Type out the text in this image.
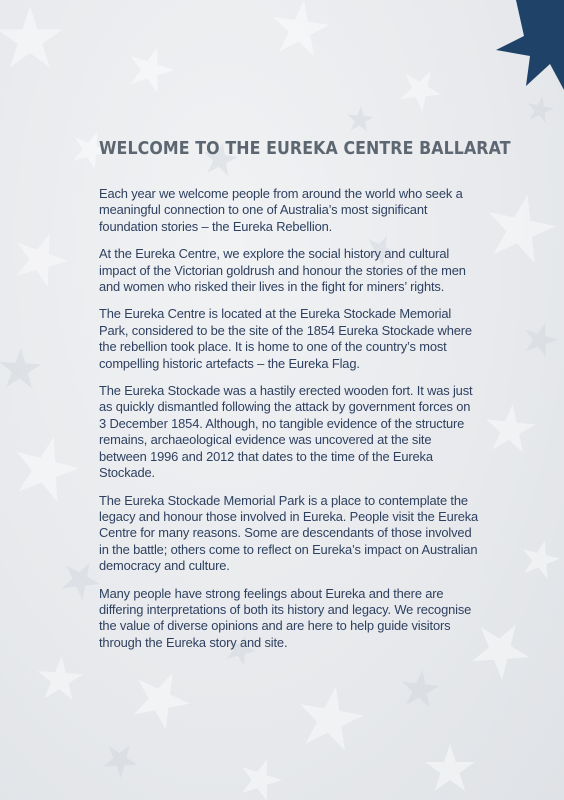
WELCOME TO THE EUREKA CENTRE BALLARAT

Each year we welcome people from around the world who seek a meaningful connection to one of Australia’s most significant foundation stories – the Eureka Rebellion.

At the Eureka Centre, we explore the social history and cultural impact of the Victorian goldrush and honour the stories of the men and women who risked their lives in the fight for miners’ rights.

The Eureka Centre is located at the Eureka Stockade Memorial Park, considered to be the site of the 1854 Eureka Stockade where the rebellion took place. It is home to one of the country’s most compelling historic artefacts – the Eureka Flag.

The Eureka Stockade was a hastily erected wooden fort. It was just as quickly dismantled following the attack by government forces on 3 December 1854. Although, no tangible evidence of the structure remains, archaeological evidence was uncovered at the site between 1996 and 2012 that dates to the time of the Eureka Stockade.

The Eureka Stockade Memorial Park is a place to contemplate the legacy and honour those involved in Eureka. People visit the Eureka Centre for many reasons. Some are descendants of those involved in the battle; others come to reflect on Eureka’s impact on Australian democracy and culture.

Many people have strong feelings about Eureka and there are differing interpretations of both its history and legacy. We recognise the value of diverse opinions and are here to help guide visitors through the Eureka story and site.
